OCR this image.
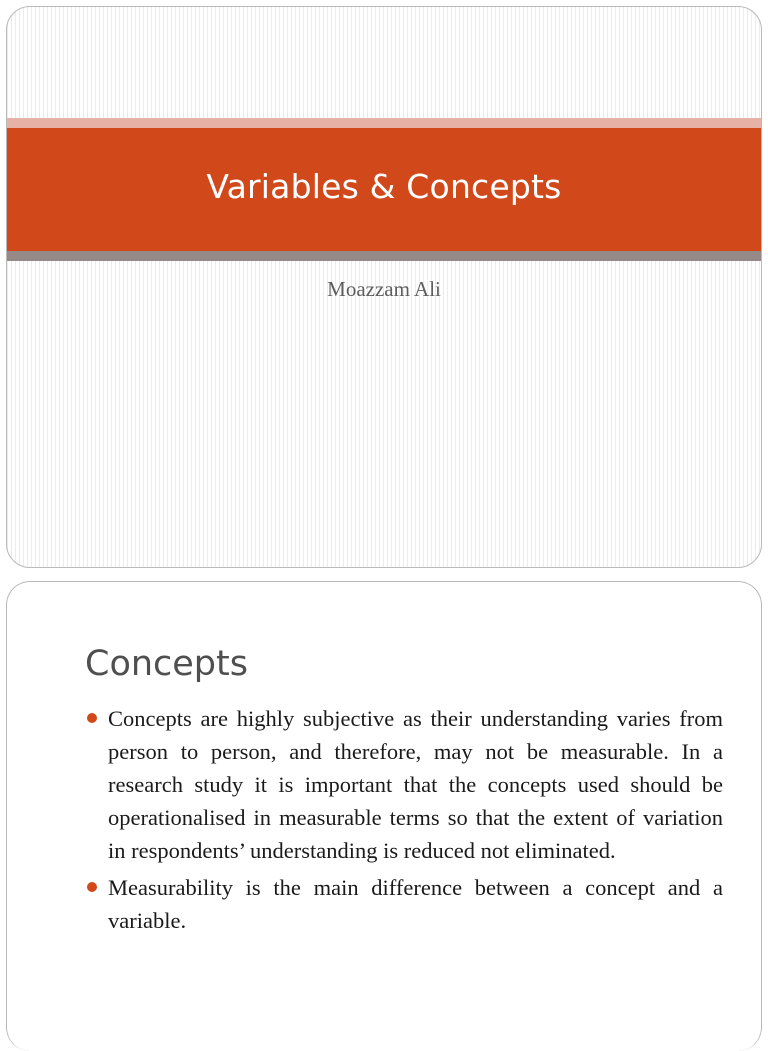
Variables & Concepts
Moazzam Ali
Concepts
Concepts are highly subjective as their understanding varies from person to person, and therefore, may not be measurable. In a research study it is important that the concepts used should be operationalised in measurable terms so that the extent of variation in respondents’ understanding is reduced not eliminated.
Measurability is the main difference between a concept and a variable.
